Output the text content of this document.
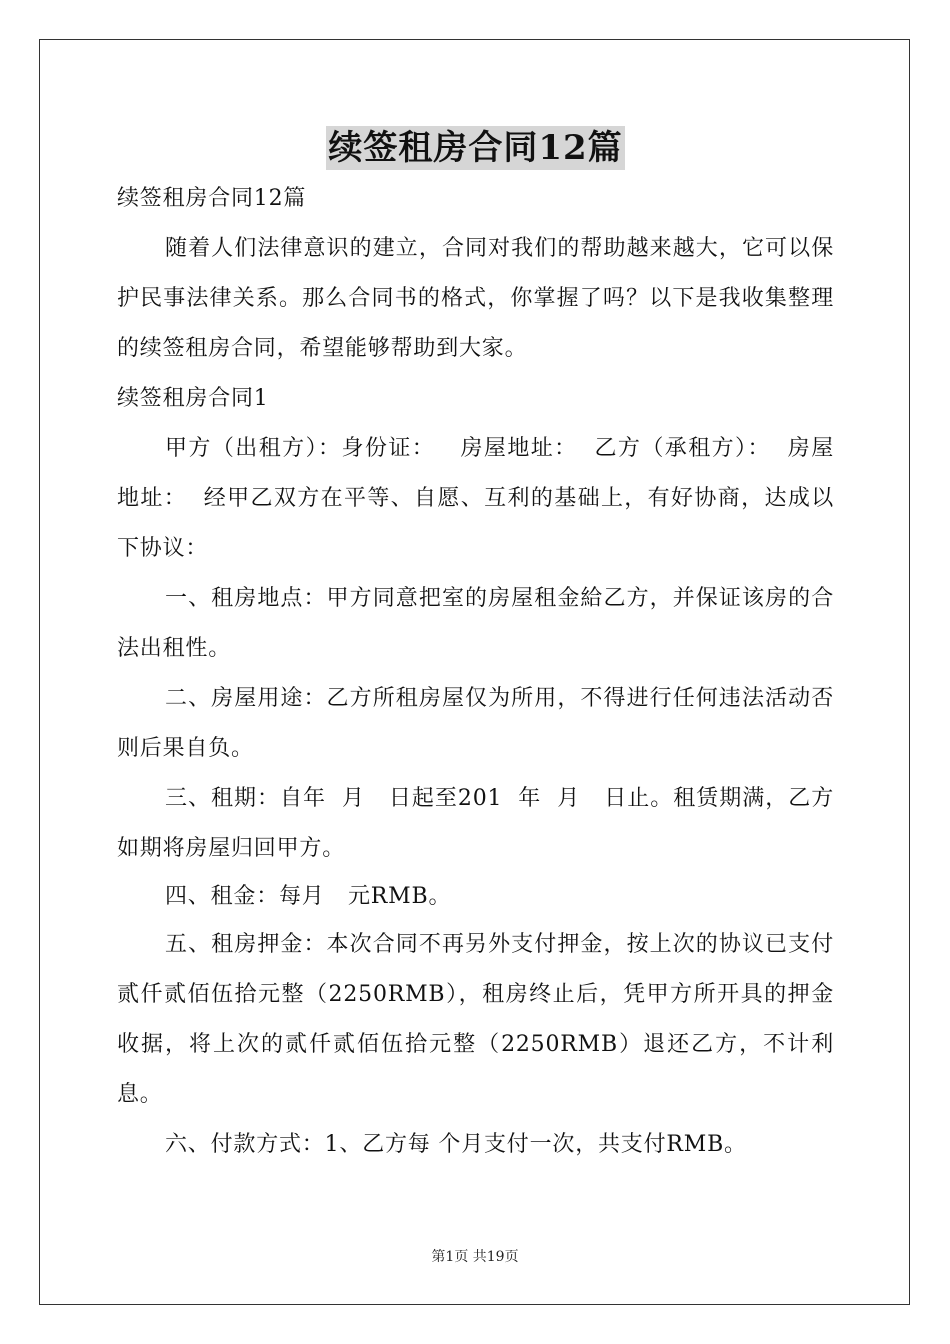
续签租房合同12篇

续签租房合同12篇

随着人们法律意识的建立，合同对我们的帮助越来越大，它可以保护民事法律关系。那么合同书的格式，你掌握了吗？以下是我收集整理的续签租房合同，希望能够帮助到大家。

续签租房合同1

甲方（出租方）：身份证：   房屋地址：  乙方（承租方）：  房屋地址：  经甲乙双方在平等、自愿、互利的基础上，有好协商，达成以下协议：

一、租房地点：甲方同意把室的房屋租金給乙方，并保证该房的合法出租性。

二、房屋用途：乙方所租房屋仅为所用，不得进行任何违法活动否则后果自负。

三、租期：自年  月   日起至201  年  月   日止。租赁期满，乙方如期将房屋归回甲方。

四、租金：每月   元RMB。

五、租房押金：本次合同不再另外支付押金，按上次的协议已支付贰仟贰佰伍拾元整（2250RMB），租房终止后，凭甲方所开具的押金收据，将上次的贰仟贰佰伍拾元整（2250RMB）退还乙方，不计利息。

六、付款方式：1、乙方每 个月支付一次，共支付RMB。

第1页 共19页
